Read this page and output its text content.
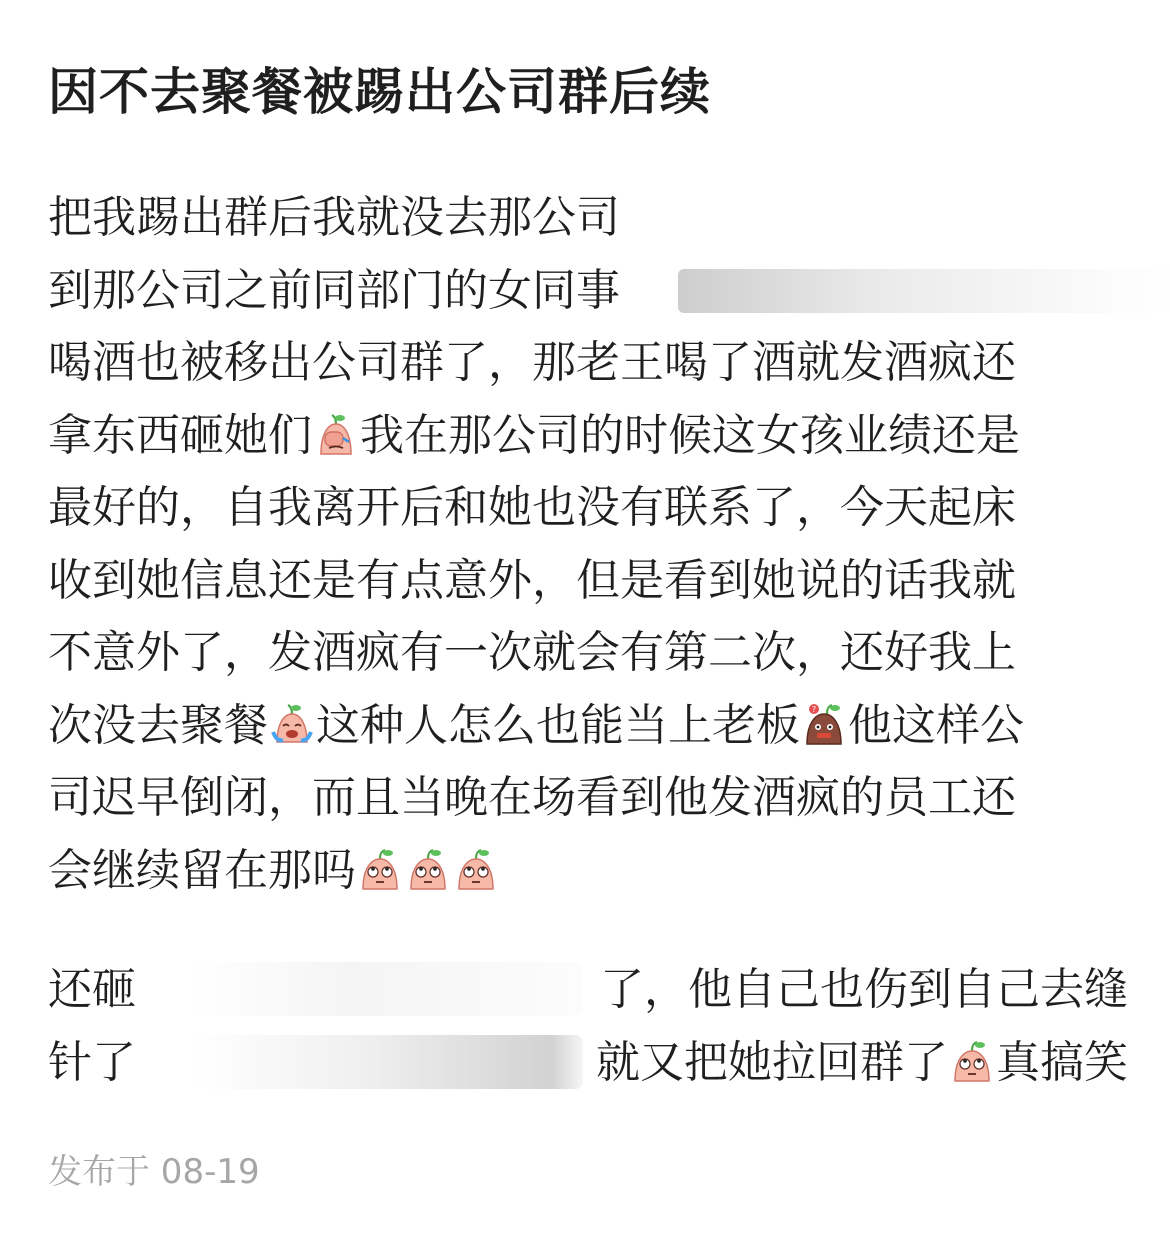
因不去聚餐被踢出公司群后续
把我踢出群后我就没去那公司
到那公司之前同部门的女同事
喝酒也被移出公司群了，那老王喝了酒就发酒疯还
拿东西砸她们 我在那公司的时候这女孩业绩还是
最好的，自我离开后和她也没有联系了，今天起床
收到她信息还是有点意外，但是看到她说的话我就
不意外了，发酒疯有一次就会有第二次，还好我上
次没去聚餐 这种人怎么也能当上老板 ? 他这样公
司迟早倒闭，而且当晚在场看到他发酒疯的员工还
会继续留在那吗
还砸	了，他自己也伤到自己去缝
针了	就又把她拉回群了 真搞笑
发布于 08-19
